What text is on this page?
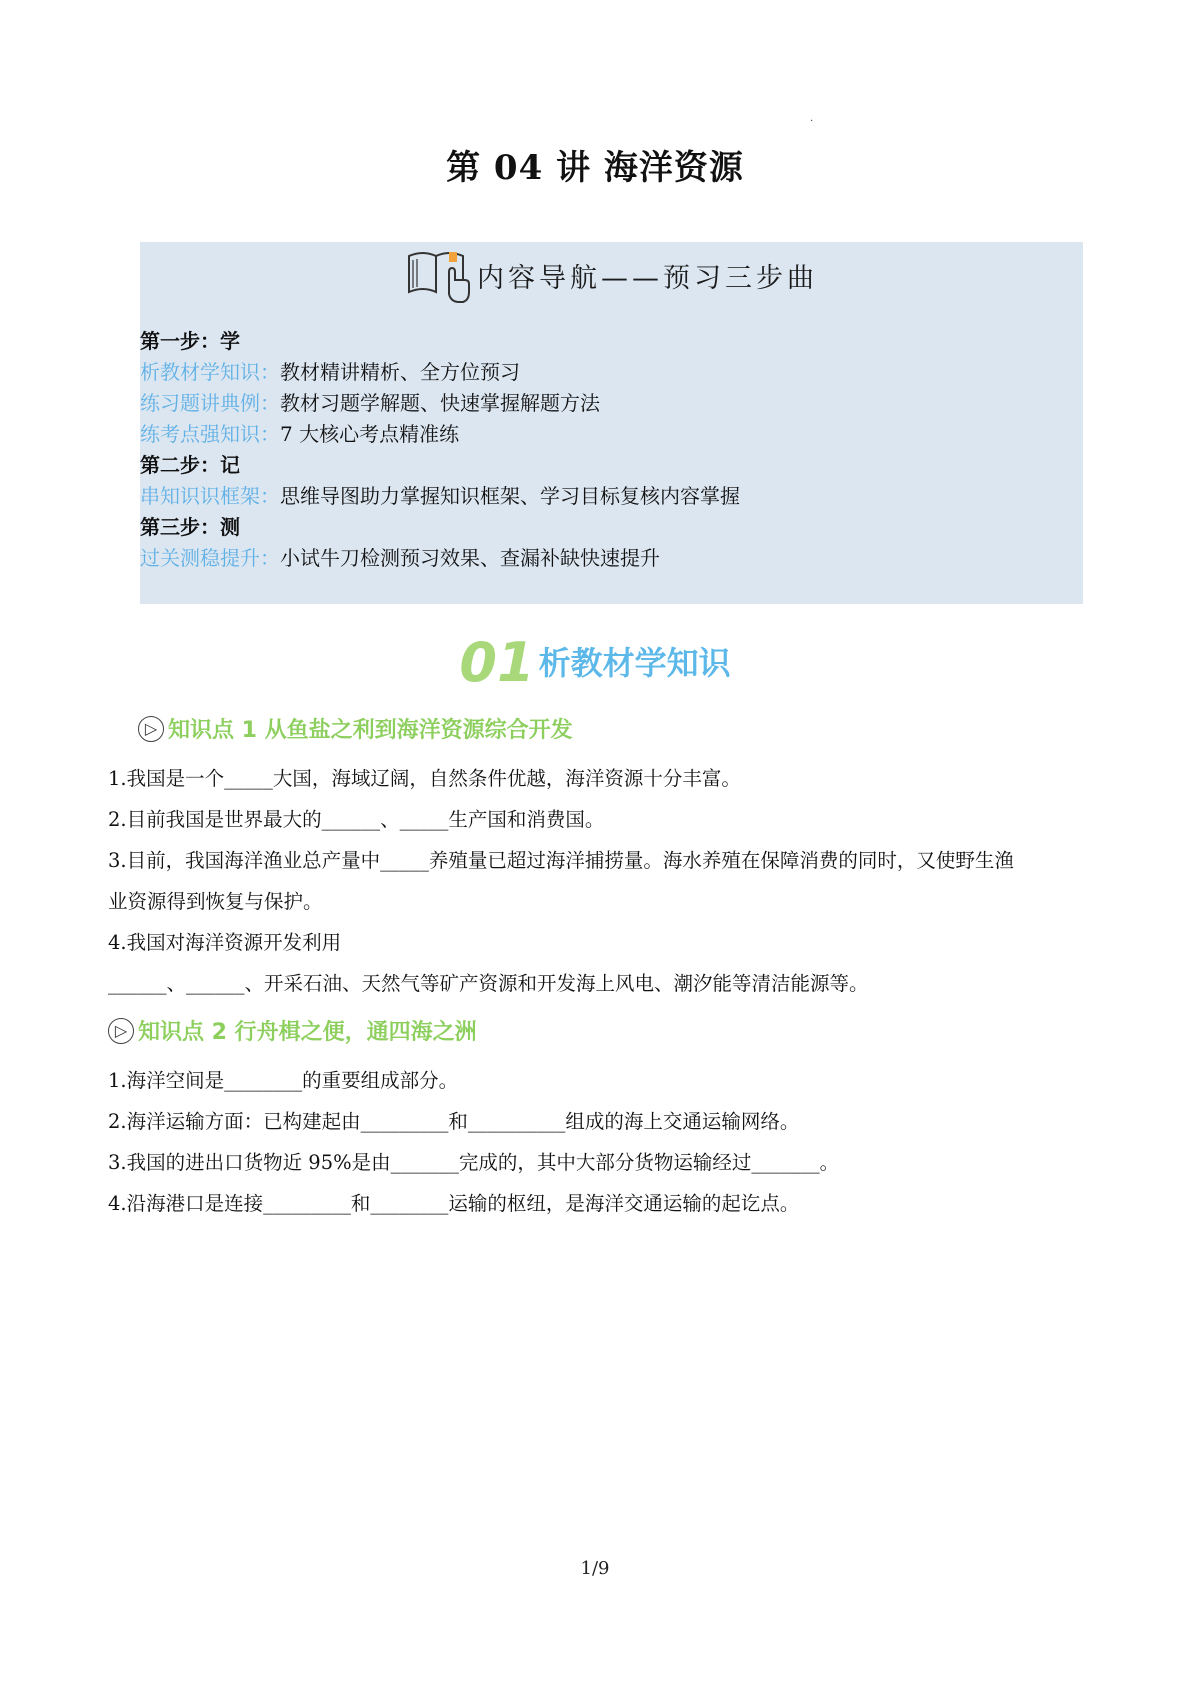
·
第 04 讲 海洋资源
内容导航——预习三步曲
第一步：学
析教材学知识： 教材精讲精析、全方位预习
练习题讲典例： 教材习题学解题、快速掌握解题方法
练考点强知识： 7 大核心考点精准练
第二步：记
串知识识框架： 思维导图助力掌握知识框架、学习目标复核内容掌握
第三步：测
过关测稳提升： 小试牛刀检测预习效果、查漏补缺快速提升
01 析教材学知识
▷ 知识点 1 从鱼盐之利到海洋资源综合开发
1.我国是一个_____大国，海域辽阔，自然条件优越，海洋资源十分丰富。
2.目前我国是世界最大的______、_____生产国和消费国。
3.目前，我国海洋渔业总产量中_____养殖量已超过海洋捕捞量。海水养殖在保障消费的同时，又使野生渔
业资源得到恢复与保护。
4.我国对海洋资源开发利用
______、______、开采石油、天然气等矿产资源和开发海上风电、潮汐能等清洁能源等。
▷ 知识点 2 行舟楫之便，通四海之洲
1.海洋空间是________的重要组成部分。
2.海洋运输方面：已构建起由_________和__________组成的海上交通运输网络。
3.我国的进出口货物近 95%是由_______完成的，其中大部分货物运输经过_______。
4.沿海港口是连接_________和________运输的枢纽，是海洋交通运输的起讫点。
1/9
